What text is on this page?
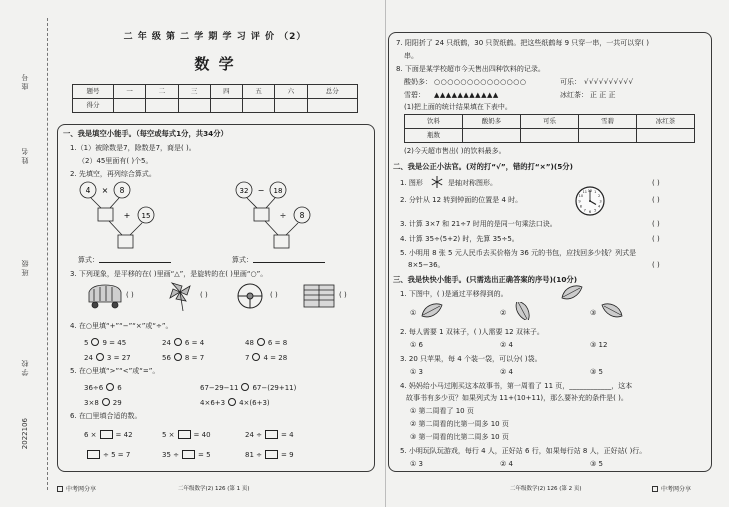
座号
姓名
班级
学校
2022106
二 年 级 第 二 学 期 学 习 评 价 （2）
数 学
题号	一	二	三	四	五	六	总分
得分							
一、我是填空小能手。（每空或每式1分，共34分）
1.（1）被除数是7，除数是7，商是( )。
（2）45里面有( )个5。
2. 先填空，再列综合算式。
4 × 8
+ 15
32 − 18
÷ 8
算式：	算式：
3. 下列现象，是平移的在( )里画“△”，是旋转的在( )里画“○”。
( )	( )	( )	( )
4. 在○里填“+”“−”“×”或“÷”。
5 9 = 45	24 6 = 4	48 6 = 8
24 3 = 27	56 8 = 7	7 4 = 28
5. 在○里填“>”“<”或“=”。
36÷6 6	67−29−11 67−(29+11)
3×8 29	4×6+3 4×(6+3)
6. 在□里填合适的数。
6 ×	= 42	5 ×	= 40	24 ÷	= 4
÷ 5 = 7	35 ÷	= 5	81 ÷	= 9
中考网分享	二年级数学(2) 126 (第 1 页)
7. 阳阳折了 24 只纸鹤，30 只贺纸鹤。把这些纸鹤每 9 只穿一串，一共可以穿( )
串。
8. 下面是某学校超市今天售出四种饮料的记录。
酸奶多： ○○○○○○○○○○○○○○	可乐： √√√√√√√√√√
雪碧： ▲▲▲▲▲▲▲▲▲▲▲	冰红茶： 正 正 正
(1)把上面的统计结果填在下表中。
饮料	酸奶多	可乐	雪碧	冰红茶
瓶数				
(2)今天超市售出( )的饮料最多。
二、我是公正小法官。(对的打“√”，错的打“×”)(5分)
1. 图形	是轴对称图形。	( )
2. 分针从 12 转到钟面的位置是 4 时。
12 1
2
3
4
5
6
7
8
9
10
11
( )
3. 计算 3×7 和 21÷7 时用的是同一句乘法口诀。	( )
4. 计算 35÷(5+2) 时，先算 35÷5。	( )
5. 小明用 8 张 5 元人民币去买价格为 36 元的书包，应找回多少钱？列式是
8×5−36。	( )
三、我是快快小能手。(只需选出正确答案的序号)(10分)
1. 下图中，( )是通过平移得到的。
①	②	③
2. 每人需要 1 双袜子，( )人需要 12 双袜子。
① 6	② 4	③ 12
3. 20 只苹果，每 4 个装一袋，可以分( )袋。
① 3	② 4	③ 5
4. 妈妈给小马过刚买这本故事书，第一周看了 11 页，____________，这本
故事书有多少页？如果列式为 11+(10+11)，那么要补充的条件是( )。
① 第二周看了 10 页
② 第二周看的比第一周多 10 页
③ 第一周看的比第二周多 10 页
5. 小明玩队玩游戏，每行 4 人，正好站 6 行，如果每行站 8 人，正好站( )行。
① 3	② 4	③ 5
二年级数学(2) 126 (第 2 页)	中考网分享
